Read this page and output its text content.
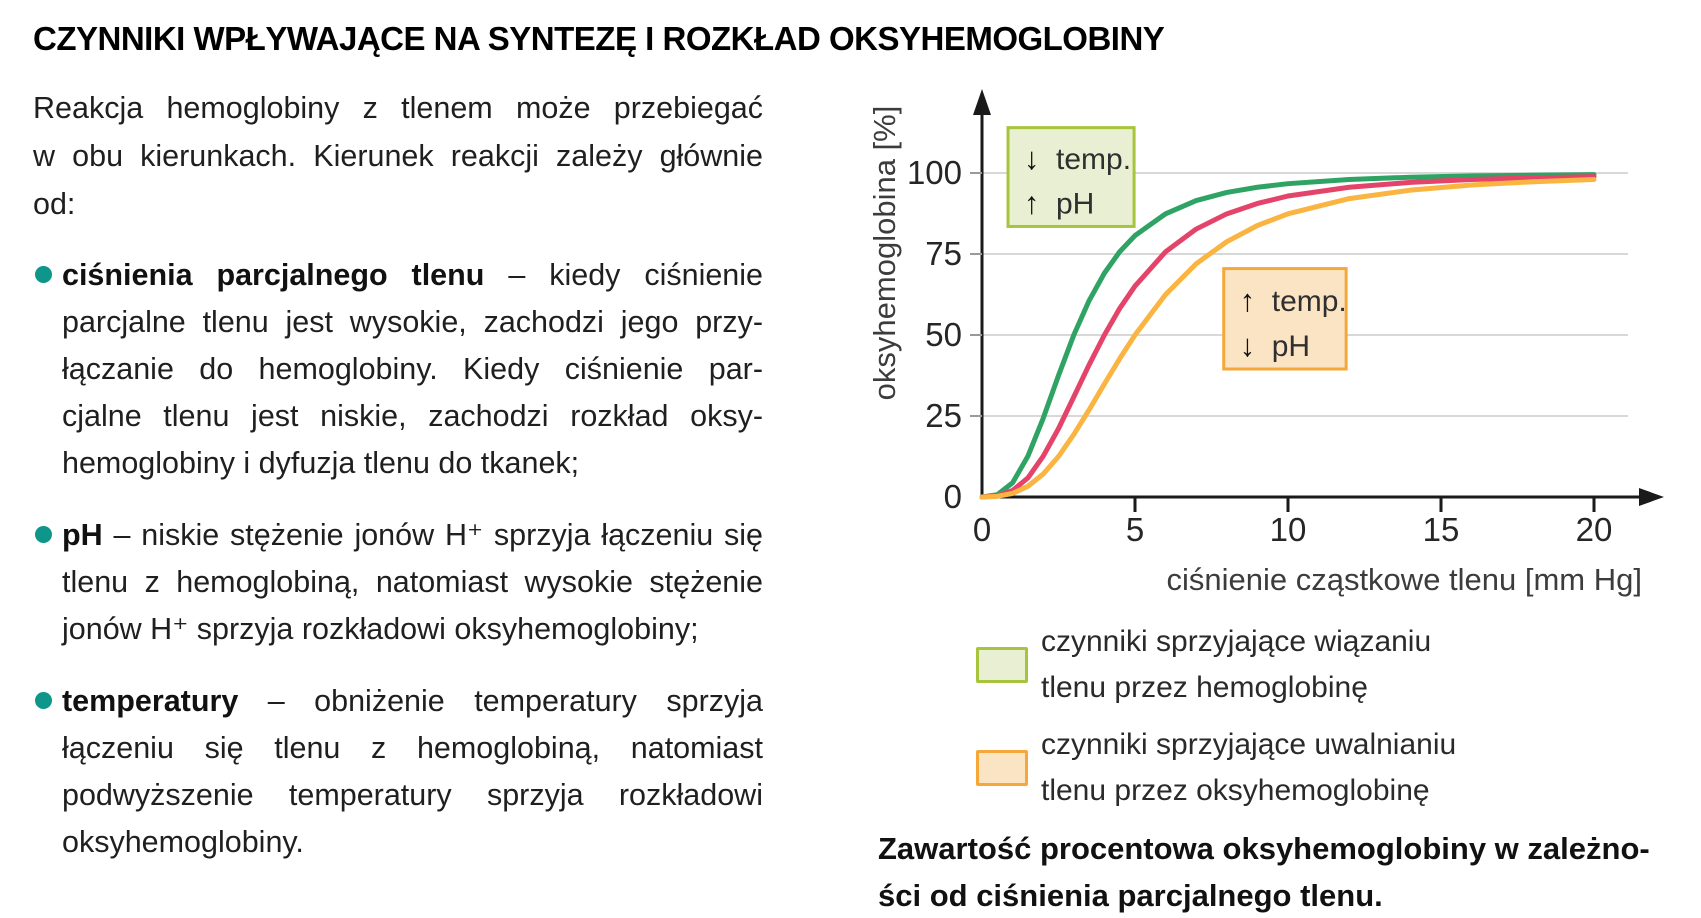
CZYNNIKI WPŁYWAJĄCE NA SYNTEZĘ I ROZKŁAD OKSYHEMOGLOBINY
Reakcja hemoglobiny z tlenem może przebiegać
w obu kierunkach. Kierunek reakcji zależy głównie
od:
ciśnienia parcjalnego tlenu – kiedy ciśnienie
parcjalne tlenu jest wysokie, zachodzi jego przy-
łączanie do hemoglobiny. Kiedy ciśnienie par-
cjalne tlenu jest niskie, zachodzi rozkład oksy-
hemoglobiny i dyfuzja tlenu do tkanek;
pH – niskie stężenie jonów H⁺ sprzyja łączeniu się
tlenu z hemoglobiną, natomiast wysokie stężenie
jonów H⁺ sprzyja rozkładowi oksyhemoglobiny;
temperatury – obniżenie temperatury sprzyja
łączeniu się tlenu z hemoglobiną, natomiast
podwyższenie temperatury sprzyja rozkładowi
oksyhemoglobiny.
0	5	10	15	20
0
25
50
75
100
ciśnienie cząstkowe tlenu [mm Hg]
oksyhemoglobina [%]	↓ temp.
↑ pH
↑ temp.
↓ pH
czynniki sprzyjające wiązaniu
tlenu przez hemoglobinę
czynniki sprzyjające uwalnianiu
tlenu przez oksyhemoglobinę
Zawartość procentowa oksyhemoglobiny w zależno-
ści od ciśnienia parcjalnego tlenu.
